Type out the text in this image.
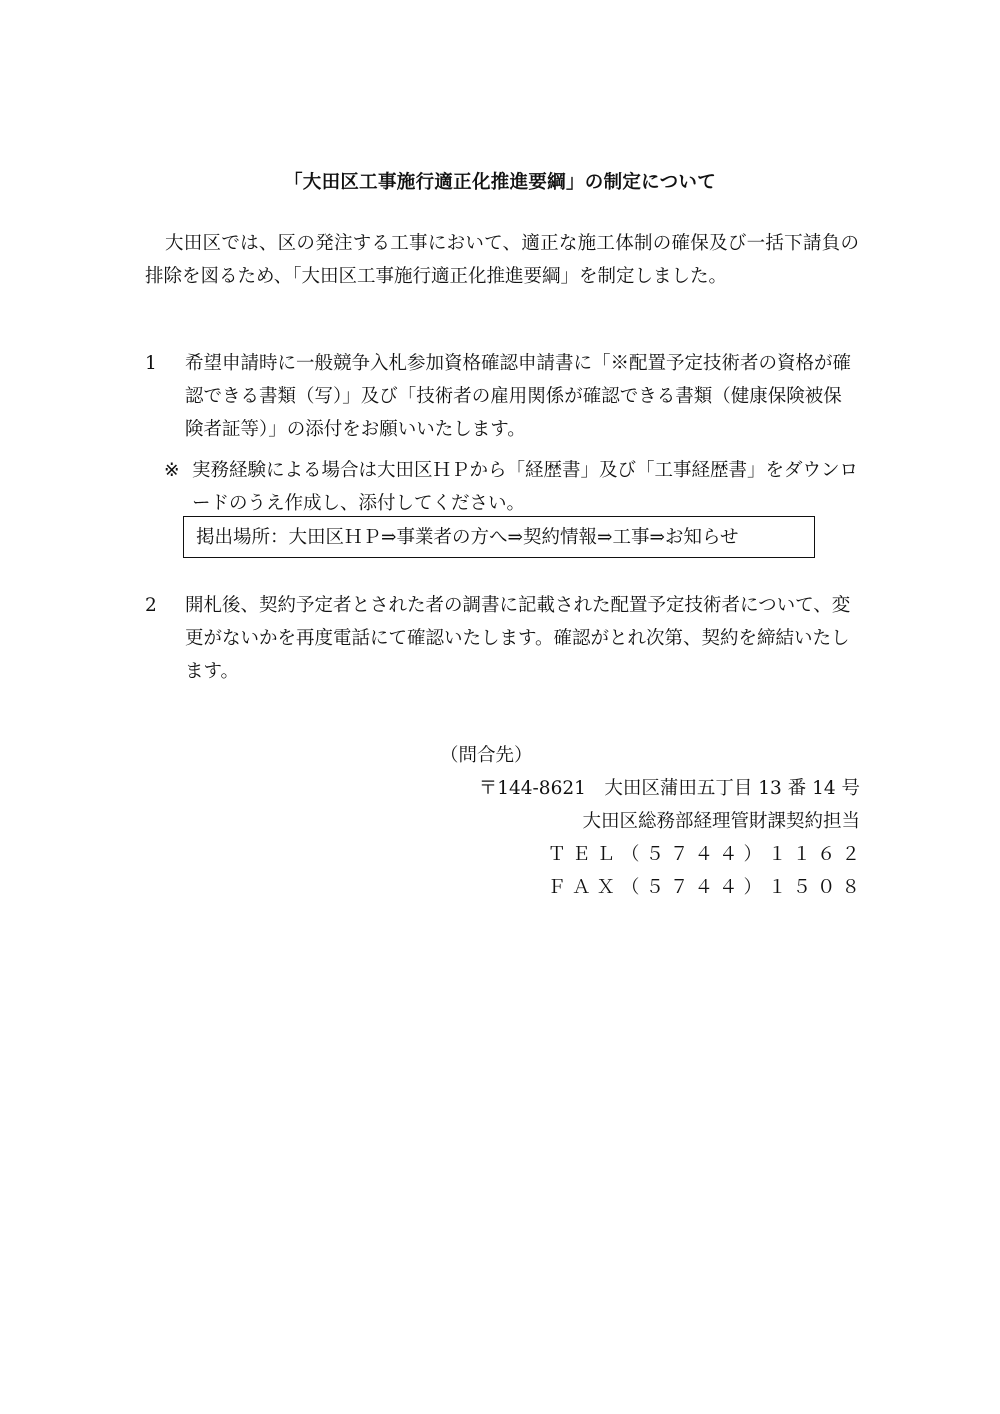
「大田区工事施行適正化推進要綱」の制定について

大田区では、区の発注する工事において、適正な施工体制の確保及び一括下請負の排除を図るため、「大田区工事施行適正化推進要綱」を制定しました。

1	希望申請時に一般競争入札参加資格確認申請書に「※配置予定技術者の資格が確認できる書類（写）」及び「技術者の雇用関係が確認できる書類（健康保険被保険者証等）」の添付をお願いいたします。
※ 実務経験による場合は大田区ＨＰから「経歴書」及び「工事経歴書」をダウンロードのうえ作成し、添付してください。
掲出場所：大田区ＨＰ⇒事業者の方へ⇒契約情報⇒工事⇒お知らせ
2	開札後、契約予定者とされた者の調書に記載された配置予定技術者について、変更がないかを再度電話にて確認いたします。確認がとれ次第、契約を締結いたします。
（問合先）
〒144-8621　大田区蒲田五丁目 13 番 14 号
大田区総務部経理管財課契約担当
ＴＥＬ（５７４４）１１６２
ＦＡＸ（５７４４）１５０８
